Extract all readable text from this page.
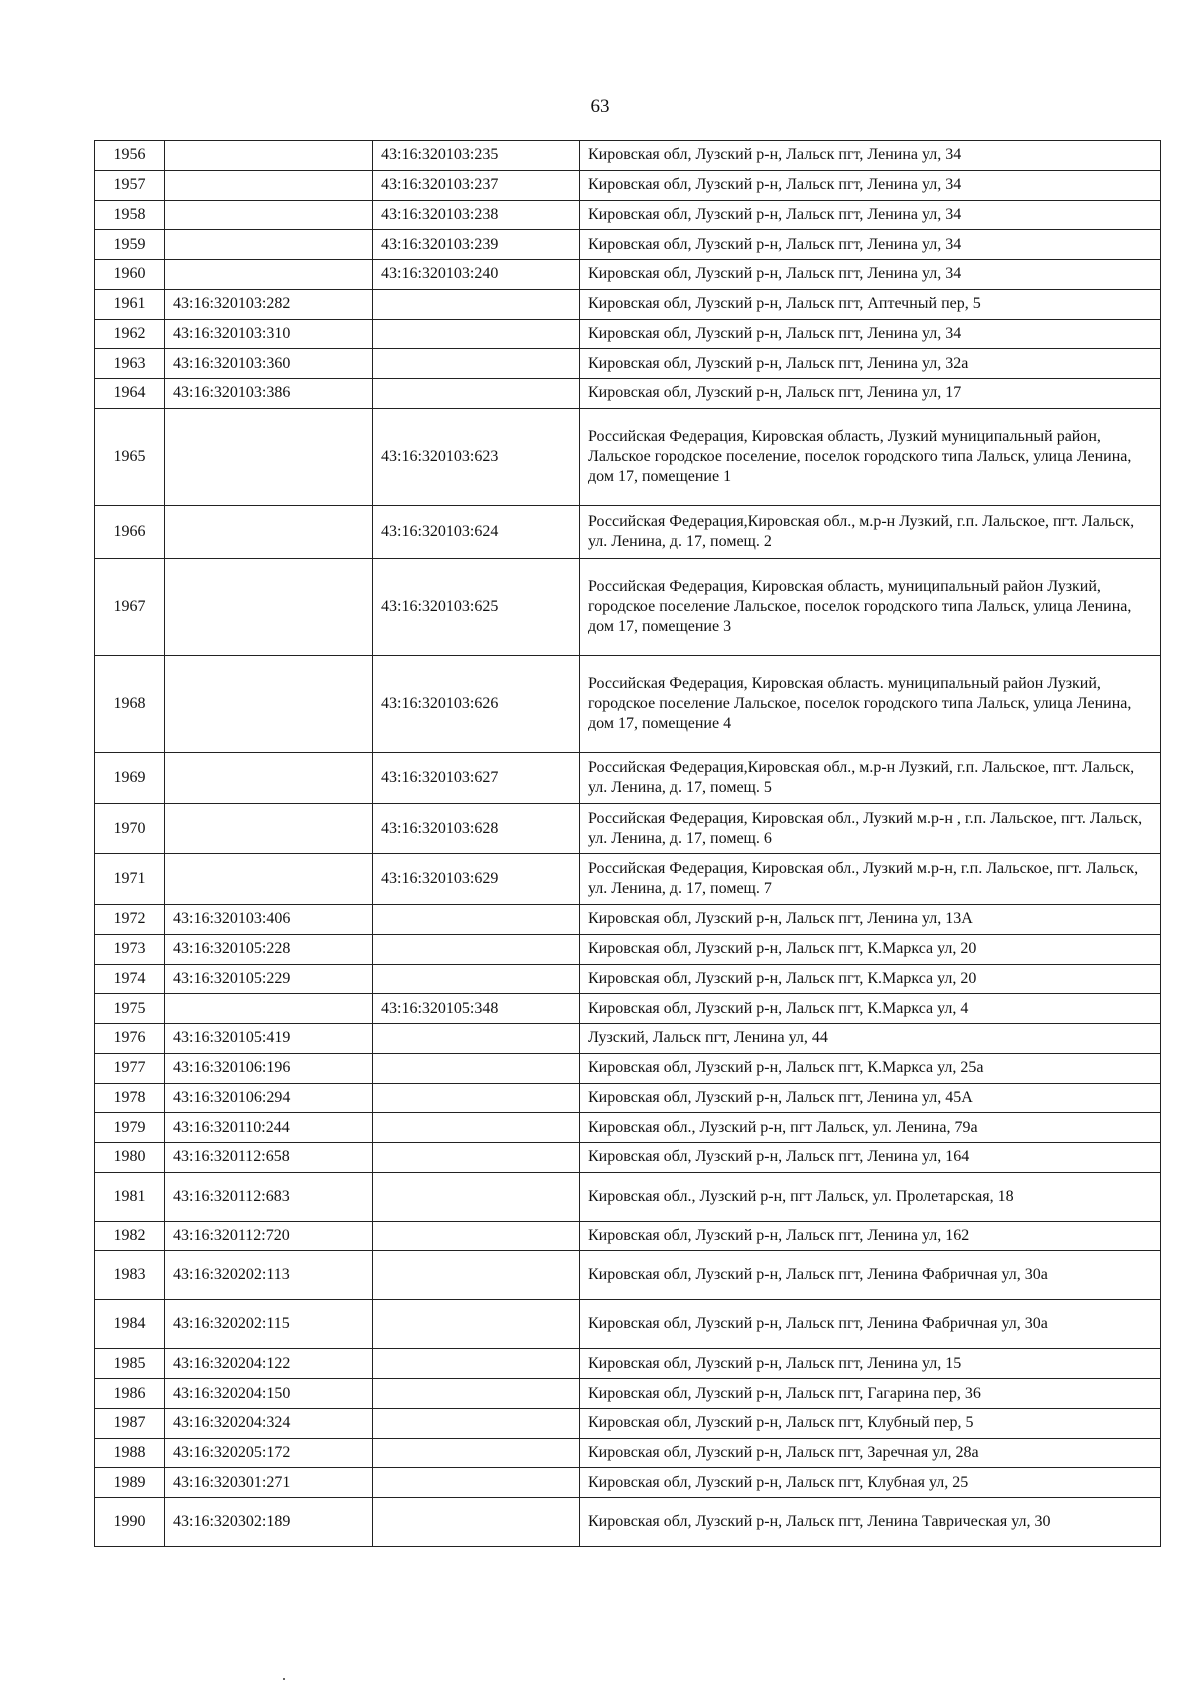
63
1956		43:16:320103:235	Кировская обл, Лузский р-н, Лальск пгт, Ленина ул, 34
1957		43:16:320103:237	Кировская обл, Лузский р-н, Лальск пгт, Ленина ул, 34
1958		43:16:320103:238	Кировская обл, Лузский р-н, Лальск пгт, Ленина ул, 34
1959		43:16:320103:239	Кировская обл, Лузский р-н, Лальск пгт, Ленина ул, 34
1960		43:16:320103:240	Кировская обл, Лузский р-н, Лальск пгт, Ленина ул, 34
1961	43:16:320103:282		Кировская обл, Лузский р-н, Лальск пгт, Аптечный пер, 5
1962	43:16:320103:310		Кировская обл, Лузский р-н, Лальск пгт, Ленина ул, 34
1963	43:16:320103:360		Кировская обл, Лузский р-н, Лальск пгт, Ленина ул, 32а
1964	43:16:320103:386		Кировская обл, Лузский р-н, Лальск пгт, Ленина ул, 17
1965		43:16:320103:623	Российская Федерация, Кировская область, Лузкий муниципальный район, Лальское городское поселение, поселок городского типа Лальск, улица Ленина, дом 17, помещение 1
1966		43:16:320103:624	Российская Федерация,Кировская обл., м.р-н Лузкий, г.п. Лальское, пгт. Лальск, ул. Ленина, д. 17, помещ. 2
1967		43:16:320103:625	Российская Федерация, Кировская область, муниципальный район Лузкий, городское поселение Лальское, поселок городского типа Лальск, улица Ленина, дом 17, помещение 3
1968		43:16:320103:626	Российская Федерация, Кировская область. муниципальный район Лузкий, городское поселение Лальское, поселок городского типа Лальск, улица Ленина, дом 17, помещение 4
1969		43:16:320103:627	Российская Федерация,Кировская обл., м.р-н Лузкий, г.п. Лальское, пгт. Лальск, ул. Ленина, д. 17, помещ. 5
1970		43:16:320103:628	Российская Федерация, Кировская обл., Лузкий м.р-н , г.п. Лальское, пгт. Лальск, ул. Ленина, д. 17, помещ. 6
1971		43:16:320103:629	Российская Федерация, Кировская обл., Лузкий м.р-н, г.п. Лальское, пгт. Лальск, ул. Ленина, д. 17, помещ. 7
1972	43:16:320103:406		Кировская обл, Лузский р-н, Лальск пгт, Ленина ул, 13А
1973	43:16:320105:228		Кировская обл, Лузский р-н, Лальск пгт, К.Маркса ул, 20
1974	43:16:320105:229		Кировская обл, Лузский р-н, Лальск пгт, К.Маркса ул, 20
1975		43:16:320105:348	Кировская обл, Лузский р-н, Лальск пгт, К.Маркса ул, 4
1976	43:16:320105:419		Лузский, Лальск пгт, Ленина ул, 44
1977	43:16:320106:196		Кировская обл, Лузский р-н, Лальск пгт, К.Маркса ул, 25а
1978	43:16:320106:294		Кировская обл, Лузский р-н, Лальск пгт, Ленина ул, 45А
1979	43:16:320110:244		Кировская обл., Лузский р-н, пгт Лальск, ул. Ленина, 79а
1980	43:16:320112:658		Кировская обл, Лузский р-н, Лальск пгт, Ленина ул, 164
1981	43:16:320112:683		Кировская обл., Лузский р-н, пгт Лальск, ул. Пролетарская, 18
1982	43:16:320112:720		Кировская обл, Лузский р-н, Лальск пгт, Ленина ул, 162
1983	43:16:320202:113		Кировская обл, Лузский р-н, Лальск пгт, Ленина Фабричная ул, 30а
1984	43:16:320202:115		Кировская обл, Лузский р-н, Лальск пгт, Ленина Фабричная ул, 30а
1985	43:16:320204:122		Кировская обл, Лузский р-н, Лальск пгт, Ленина ул, 15
1986	43:16:320204:150		Кировская обл, Лузский р-н, Лальск пгт, Гагарина пер, 36
1987	43:16:320204:324		Кировская обл, Лузский р-н, Лальск пгт, Клубный пер, 5
1988	43:16:320205:172		Кировская обл, Лузский р-н, Лальск пгт, Заречная ул, 28а
1989	43:16:320301:271		Кировская обл, Лузский р-н, Лальск пгт, Клубная ул, 25
1990	43:16:320302:189		Кировская обл, Лузский р-н, Лальск пгт, Ленина Таврическая ул, 30
